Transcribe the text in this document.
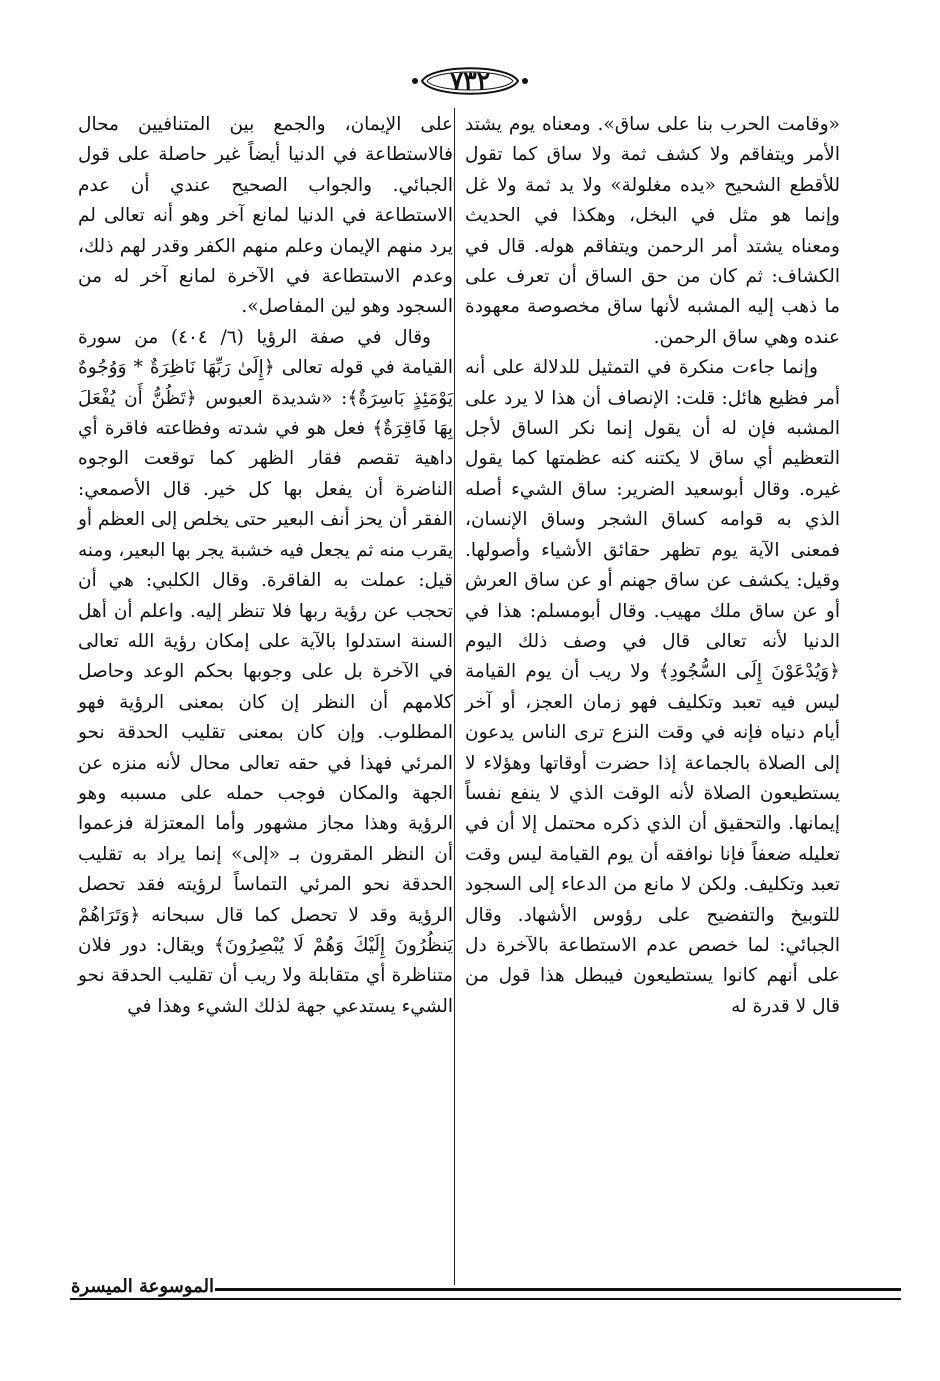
٧٣٢

«وقامت الحرب بنا على ساق». ومعناه يوم يشتد الأمر ويتفاقم ولا كشف ثمة ولا ساق كما تقول للأقطع الشحيح «يده مغلولة» ولا يد ثمة ولا غل وإنما هو مثل في البخل، وهكذا في الحديث ومعناه يشتد أمر الرحمن ويتفاقم هوله. قال في الكشاف: ثم كان من حق الساق أن تعرف على ما ذهب إليه المشبه لأنها ساق مخصوصة معهودة عنده وهي ساق الرحمن.

وإنما جاءت منكرة في التمثيل للدلالة على أنه أمر فظيع هائل: قلت: الإنصاف أن هذا لا يرد على المشبه فإن له أن يقول إنما نكر الساق لأجل التعظيم أي ساق لا يكتنه كنه عظمتها كما يقول غيره. وقال أبوسعيد الضرير: ساق الشيء أصله الذي به قوامه كساق الشجر وساق الإنسان، فمعنى الآية يوم تظهر حقائق الأشياء وأصولها. وقيل: يكشف عن ساق جهنم أو عن ساق العرش أو عن ساق ملك مهيب. وقال أبومسلم: هذا في الدنيا لأنه تعالى قال في وصف ذلك اليوم ﴿وَيُدْعَوْنَ إِلَى السُّجُودِ﴾ ولا ريب أن يوم القيامة ليس فيه تعبد وتكليف فهو زمان العجز، أو آخر أيام دنياه فإنه في وقت النزع ترى الناس يدعون إلى الصلاة بالجماعة إذا حضرت أوقاتها وهؤلاء لا يستطيعون الصلاة لأنه الوقت الذي لا ينفع نفساً إيمانها. والتحقيق أن الذي ذكره محتمل إلا أن في تعليله ضعفاً فإنا نوافقه أن يوم القيامة ليس وقت تعبد وتكليف. ولكن لا مانع من الدعاء إلى السجود للتوبيخ والتفضيح على رؤوس الأشهاد. وقال الجبائي: لما خصص عدم الاستطاعة بالآخرة دل على أنهم كانوا يستطيعون فيبطل هذا قول من قال لا قدرة له

على الإيمان، والجمع بين المتنافيين محال فالاستطاعة في الدنيا أيضاً غير حاصلة على قول الجبائي. والجواب الصحيح عندي أن عدم الاستطاعة في الدنيا لمانع آخر وهو أنه تعالى لم يرد منهم الإيمان وعلم منهم الكفر وقدر لهم ذلك، وعدم الاستطاعة في الآخرة لمانع آخر له من السجود وهو لين المفاصل».

وقال في صفة الرؤيا (٦/ ٤٠٤) من سورة القيامة في قوله تعالى ﴿إِلَىٰ رَبِّهَا نَاظِرَةٌ * وَوُجُوهٌ يَوْمَئِذٍ بَاسِرَةٌ﴾: «شديدة العبوس ﴿تَظُنُّ أَن يُفْعَلَ بِهَا فَاقِرَةٌ﴾ فعل هو في شدته وفظاعته فاقرة أي داهية تقصم فقار الظهر كما توقعت الوجوه الناضرة أن يفعل بها كل خير. قال الأصمعي: الفقر أن يحز أنف البعير حتى يخلص إلى العظم أو يقرب منه ثم يجعل فيه خشبة يجر بها البعير، ومنه قيل: عملت به الفاقرة. وقال الكلبي: هي أن تحجب عن رؤية ربها فلا تنظر إليه. واعلم أن أهل السنة استدلوا بالآية على إمكان رؤية الله تعالى في الآخرة بل على وجوبها بحكم الوعد وحاصل كلامهم أن النظر إن كان بمعنى الرؤية فهو المطلوب. وإن كان بمعنى تقليب الحدقة نحو المرئي فهذا في حقه تعالى محال لأنه منزه عن الجهة والمكان فوجب حمله على مسببه وهو الرؤية وهذا مجاز مشهور وأما المعتزلة فزعموا أن النظر المقرون بـ «إلى» إنما يراد به تقليب الحدقة نحو المرئي التماساً لرؤيته فقد تحصل الرؤية وقد لا تحصل كما قال سبحانه ﴿وَتَرَاهُمْ يَنظُرُونَ إِلَيْكَ وَهُمْ لَا يُبْصِرُونَ﴾ ويقال: دور فلان متناظرة أي متقابلة ولا ريب أن تقليب الحدقة نحو الشيء يستدعي جهة لذلك الشيء وهذا في

الموسوعة الميسرة
